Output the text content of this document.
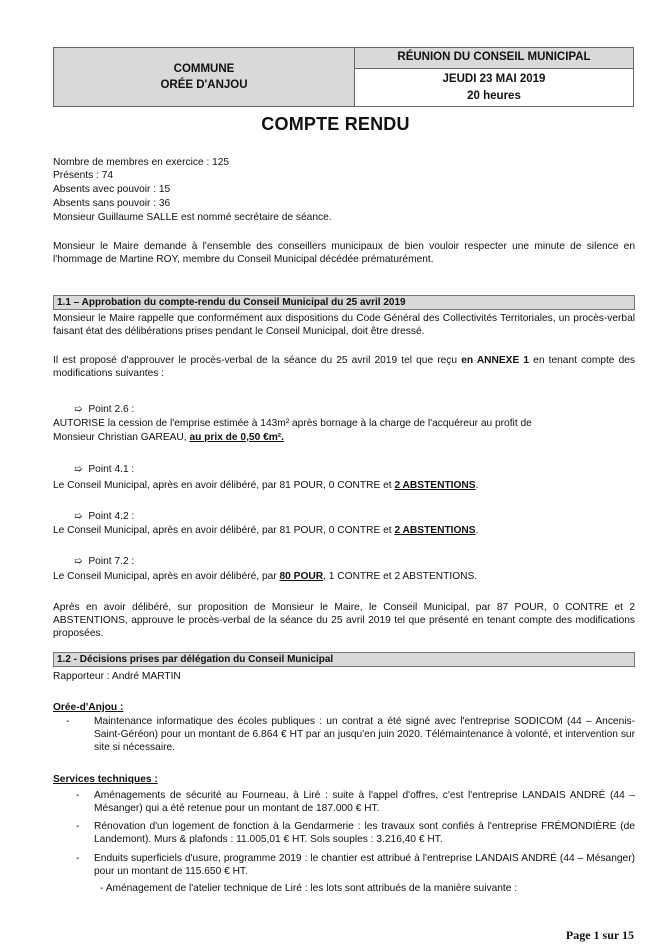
COMMUNE
ORÉE D'ANJOU
RÉUNION DU CONSEIL MUNICIPAL
JEUDI 23 MAI 2019
20 heures
COMPTE RENDU
Nombre de membres en exercice : 125
Présents : 74
Absents avec pouvoir : 15
Absents sans pouvoir : 36
Monsieur Guillaume SALLE est nommé secrétaire de séance.
Monsieur le Maire demande à l'ensemble des conseillers municipaux de bien vouloir respecter une minute de silence en l'hommage de Martine ROY, membre du Conseil Municipal décédée prématurément.
1.1 – Approbation du compte-rendu du Conseil Municipal du 25 avril 2019
Monsieur le Maire rappelle que conformément aux dispositions du Code Général des Collectivités Territoriales, un procès-verbal faisant état des délibérations prises pendant le Conseil Municipal, doit être dressé.
Il est proposé d'approuver le procès-verbal de la séance du 25 avril 2019 tel que reçu en ANNEXE 1 en tenant compte des modifications suivantes :
➯ Point 2.6 :
AUTORISE la cession de l'emprise estimée à 143m² après bornage à la charge de l'acquéreur au profit de
Monsieur Christian GAREAU, au prix de 0,50 €m².
➯ Point 4.1 :
Le Conseil Municipal, après en avoir délibéré, par 81 POUR, 0 CONTRE et 2 ABSTENTIONS.
➯ Point 4.2 :
Le Conseil Municipal, après en avoir délibéré, par 81 POUR, 0 CONTRE et 2 ABSTENTIONS.
➯ Point 7.2 :
Le Conseil Municipal, après en avoir délibéré, par 80 POUR, 1 CONTRE et 2 ABSTENTIONS.
Après en avoir délibéré, sur proposition de Monsieur le Maire, le Conseil Municipal, par 87 POUR, 0 CONTRE et 2 ABSTENTIONS, approuve le procès-verbal de la séance du 25 avril 2019 tel que présenté en tenant compte des modifications proposées.
1.2 - Décisions prises par délégation du Conseil Municipal
Rapporteur : André MARTIN
Orée-d'Anjou :
- Maintenance informatique des écoles publiques : un contrat a été signé avec l'entreprise SODICOM (44 – Ancenis-Saint-Géréon) pour un montant de 6.864 € HT par an jusqu'en juin 2020. Télémaintenance à volonté, et intervention sur site si nécessaire.
Services techniques :
- Aménagements de sécurité au Fourneau, à Liré : suite à l'appel d'offres, c'est l'entreprise LANDAIS ANDRÉ (44 – Mésanger) qui a été retenue pour un montant de 187.000 € HT.
- Rénovation d'un logement de fonction à la Gendarmerie : les travaux sont confiés à l'entreprise FRÉMONDIÈRE (de Landemont). Murs & plafonds : 11.005,01 € HT. Sols souples : 3.216,40 € HT.
- Enduits superficiels d'usure, programme 2019 : le chantier est attribué à l'entreprise LANDAIS ANDRÉ (44 – Mésanger) pour un montant de 115.650 € HT.
- Aménagement de l'atelier technique de Liré : les lots sont attribués de la manière suivante :
Page 1 sur 15
